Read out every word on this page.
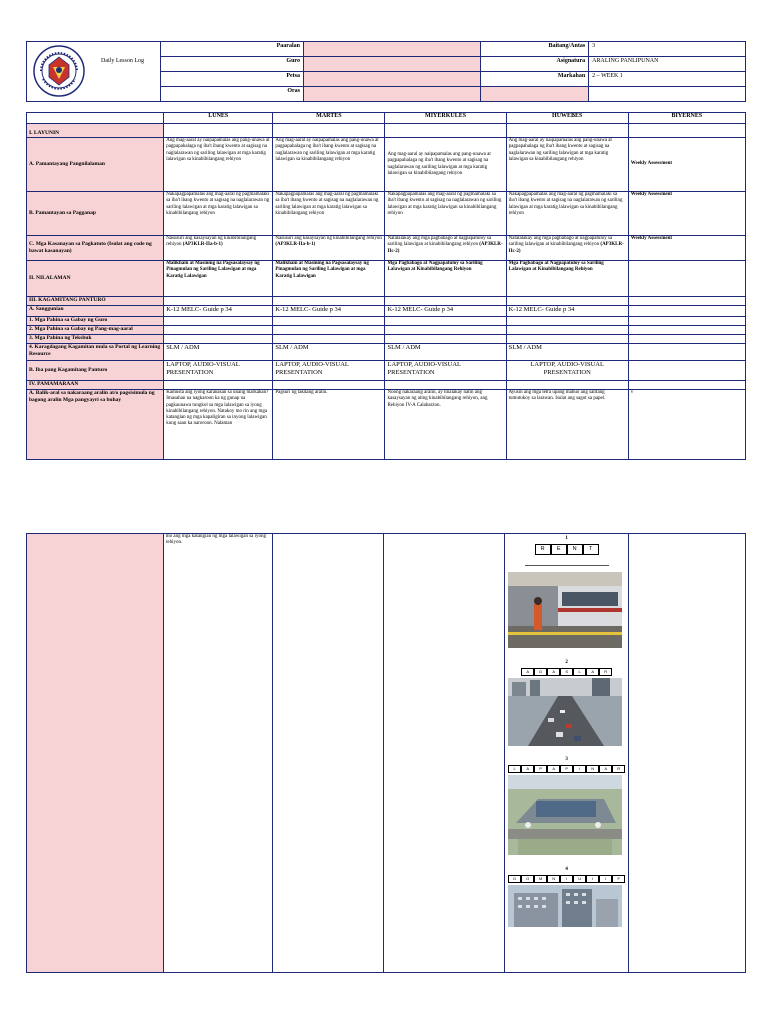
Daily Lesson Log	Paaralan		Baitang/Antas	3
	Guro		Asignatura	ARALING PANLIPUNAN
	Petsa		Markahan	2 – WEEK 1
	Oras			
	LUNES	MARTES	MIYERKULES	HUWEBES	BIYERNES
I. LAYUNIN					
A. Pamantayang Pangnilalaman	Ang mag-aaral ay naipapamalas ang pang-unawa at pagpapahalaga ng iba't ibang kwento at sagisag na naglalarawan ng sariling lalawigan at mga karatig lalawigan sa kinabibilangang rehiyon	Ang mag-aaral ay naipapamalas ang pang-unawa at pagpapahalaga ng iba't ibang kwento at sagisag na naglalarawan ng sariling lalawigan at mga karatig lalawigan sa kinabibilangang rehiyon	Ang mag-aaral ay naipapamalas ang pang-unawa at pagpapahalaga ng iba't ibang kwento at sagisag na naglalarawan ng sariling lalawigan at mga karatig lalawigan sa kinabibilangang rehiyon	Ang mag-aaral ay naipapamalas ang pang-unawa at pagpapahalaga ng iba't ibang kwento at sagisag na naglalarawan ng sariling lalawigan at mga karatig lalawigan sa kinabibilangang rehiyon	Weekly Assessment
B. Pamantayan sa Pagganap	Nakapagpapamalas ang mag-aaral ng pagmamalaki sa iba't ibang kwento at sagisag na naglalarawan ng sariling lalawigan at mga karatig lalawigan sa kinabibilangang rehiyon	Nakapagpapamalas ang mag-aaral ng pagmamalaki sa iba't ibang kwento at sagisag na naglalarawan ng sariling lalawigan at mga karatig lalawigan sa kinabibilangang rehiyon	Nakapagpapamalas ang mag-aaral ng pagmamalaki sa iba't ibang kwento at sagisag na naglalarawan ng sariling lalawigan at mga karatig lalawigan sa kinabibilangang rehiyon	Nakapagpapamalas ang mag-aaral ng pagmamalaki sa iba't ibang kwento at sagisag na naglalarawan ng sariling lalawigan at mga karatig lalawigan sa kinabibilangang rehiyon	Weekly Assessment
C. Mga Kasanayan sa Pagkatuto (Isulat ang code ng bawat kasanayan)	Nasusuri ang kasaysayan ng kinabibilangang rehiyon (AP3KLR-IIa-b-1)	Nasusuri ang kasaysayan ng kinabibilangang rehiyon (AP3KLR-IIa-b-1)	Natatalakay ang mga pagbabago at nagpapatuloy sa sariling lalawigan at kinabibilangang rehiyon (AP3KLR-IIc-2)	Natatalakay ang mga pagbabago at nagpapatuloy sa sariling lalawigan at kinabibilangang rehiyon (AP3KLR-IIc-2)	Weekly Assessment
II. NILALAMAN	Malikhain at Masining na Pagsasalaysay ng Pinagmulan ng Sariling Lalawigan at mga Karatig Lalawigan	Malikhain at Masining na Pagsasalaysay ng Pinagmulan ng Sariling Lalawigan at mga Karatig Lalawigan	Mga Pagbabago at Nagpapatuloy sa Sariling Lalawigan at Kinabibilangang Rehiyon	Mga Pagbabago at Nagpapatuloy sa Sariling Lalawigan at Kinabibilangang Rehiyon	
III. KAGAMITANG PANTURO					
A. Sanggunian	K-12 MELC- Guide p 34	K-12 MELC- Guide p 34	K-12 MELC- Guide p 34	K-12 MELC- Guide p 34	
1. Mga Pahina sa Gabay ng Guro					
2. Mga Pahina sa Gabay ng Pang-mag-aaral					
3. Mga Pahina ng Teksbuk					
4. Karagdagang Kagamitan mula sa Portal ng Learning Resource	SLM / ADM	SLM / ADM	SLM / ADM	SLM / ADM	
B. Iba pang Kagamitang Panturo	LAPTOP, AUDIO-VISUAL PRESENTATION	LAPTOP, AUDIO-VISUAL PRESENTATION	LAPTOP, AUDIO-VISUAL PRESENTATION	LAPTOP, AUDIO-VISUAL PRESENTATION	
IV. PAMAMARAAN					
A. Balik-aral sa nakaraang aralin at/o pagsisimula ng bagong aralin Mga pangyayri sa buhay	Kamusta ang iyong karanasan sa unang markahan? Imasahan na nagkaroon ka ng gunap na pagkaunawa tungkol sa mga lalawigan sa iyong kinabibilangang rehiyon. Natakoy mo rin ang mga katangian ng mga kapaligiran sa inyong lalawigan kung saan ka naroroon. Nalaman	Pagsuri ng takdang aralin.	Noong nakaraang aralin, ay tinalakay natin ang kasaysayan ng ating kinabibilangang rehiyon, ang Rehiyon IV-A Calabarzon.	Ayusin ang mga letra upang mabuo ang salitang tumutukoy sa larawan. Isulat ang sagot sa papel.	v
	mo ang mga katangian ng mga lalawigan sa iyong rehiyon.			
1
R	E	N	T
2
A	D	A	S	L	A	R
3
L	A	P	A	P	I	N	A	R
4
D	O	M	N	I	U	I	I	F
